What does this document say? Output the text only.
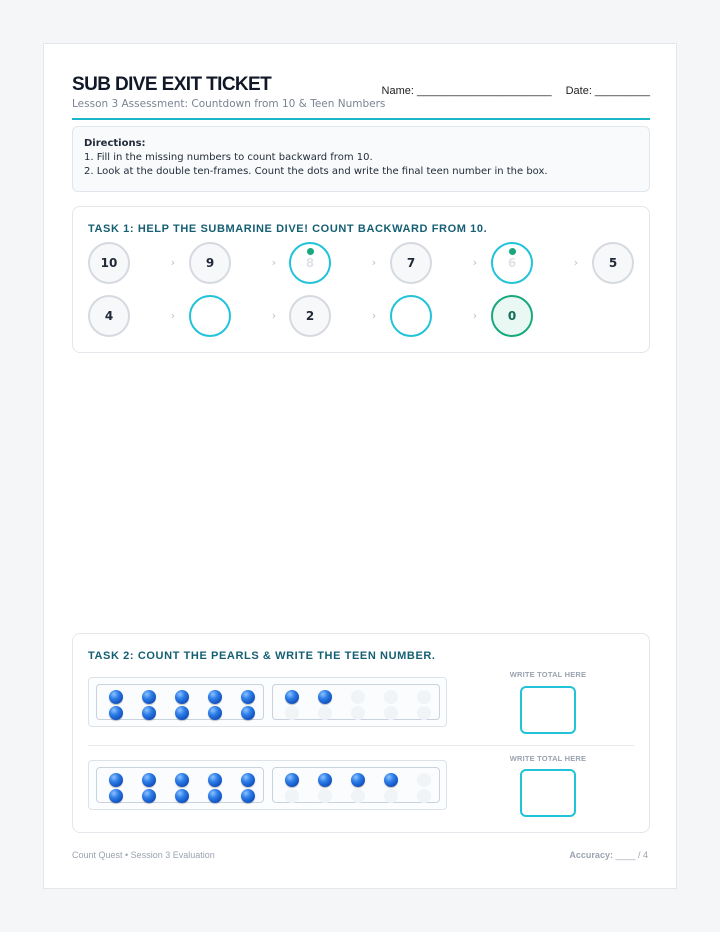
SUB DIVE EXIT TICKET
Lesson 3 Assessment: Countdown from 10 & Teen Numbers
Name: ______________________ Date: _________
Directions:
1. Fill in the missing numbers to count backward from 10.
2. Look at the double ten-frames. Count the dots and write the final teen number in the box.
TASK 1: HELP THE SUBMARINE DIVE! COUNT BACKWARD FROM 10.
10	›	9	›	8	›	7	›	6	›	5
4	›	›	2	›	›	0
TASK 2: COUNT THE PEARLS & WRITE THE TEEN NUMBER.
WRITE TOTAL HERE
WRITE TOTAL HERE
Count Quest • Session 3 Evaluation	Accuracy: ____ / 4
